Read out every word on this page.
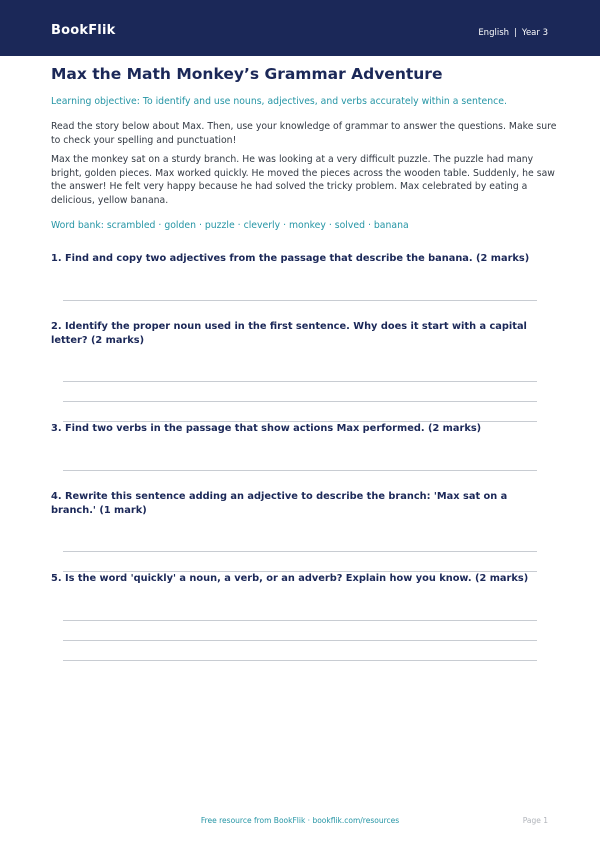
BookFlik	English | Year 3
Max the Math Monkey’s Grammar Adventure
Learning objective: To identify and use nouns, adjectives, and verbs accurately within a sentence.
Read the story below about Max. Then, use your knowledge of grammar to answer the questions. Make sure to check your spelling and punctuation!
Max the monkey sat on a sturdy branch. He was looking at a very difficult puzzle. The puzzle had many bright, golden pieces. Max worked quickly. He moved the pieces across the wooden table. Suddenly, he saw the answer! He felt very happy because he had solved the tricky problem. Max celebrated by eating a delicious, yellow banana.
Word bank: scrambled · golden · puzzle · cleverly · monkey · solved · banana
1. Find and copy two adjectives from the passage that describe the banana. (2 marks)
2. Identify the proper noun used in the first sentence. Why does it start with a capital letter? (2 marks)
3. Find two verbs in the passage that show actions Max performed. (2 marks)
4. Rewrite this sentence adding an adjective to describe the branch: 'Max sat on a branch.' (1 mark)
5. Is the word 'quickly' a noun, a verb, or an adverb? Explain how you know. (2 marks)
Free resource from BookFlik · bookflik.com/resources	Page 1
